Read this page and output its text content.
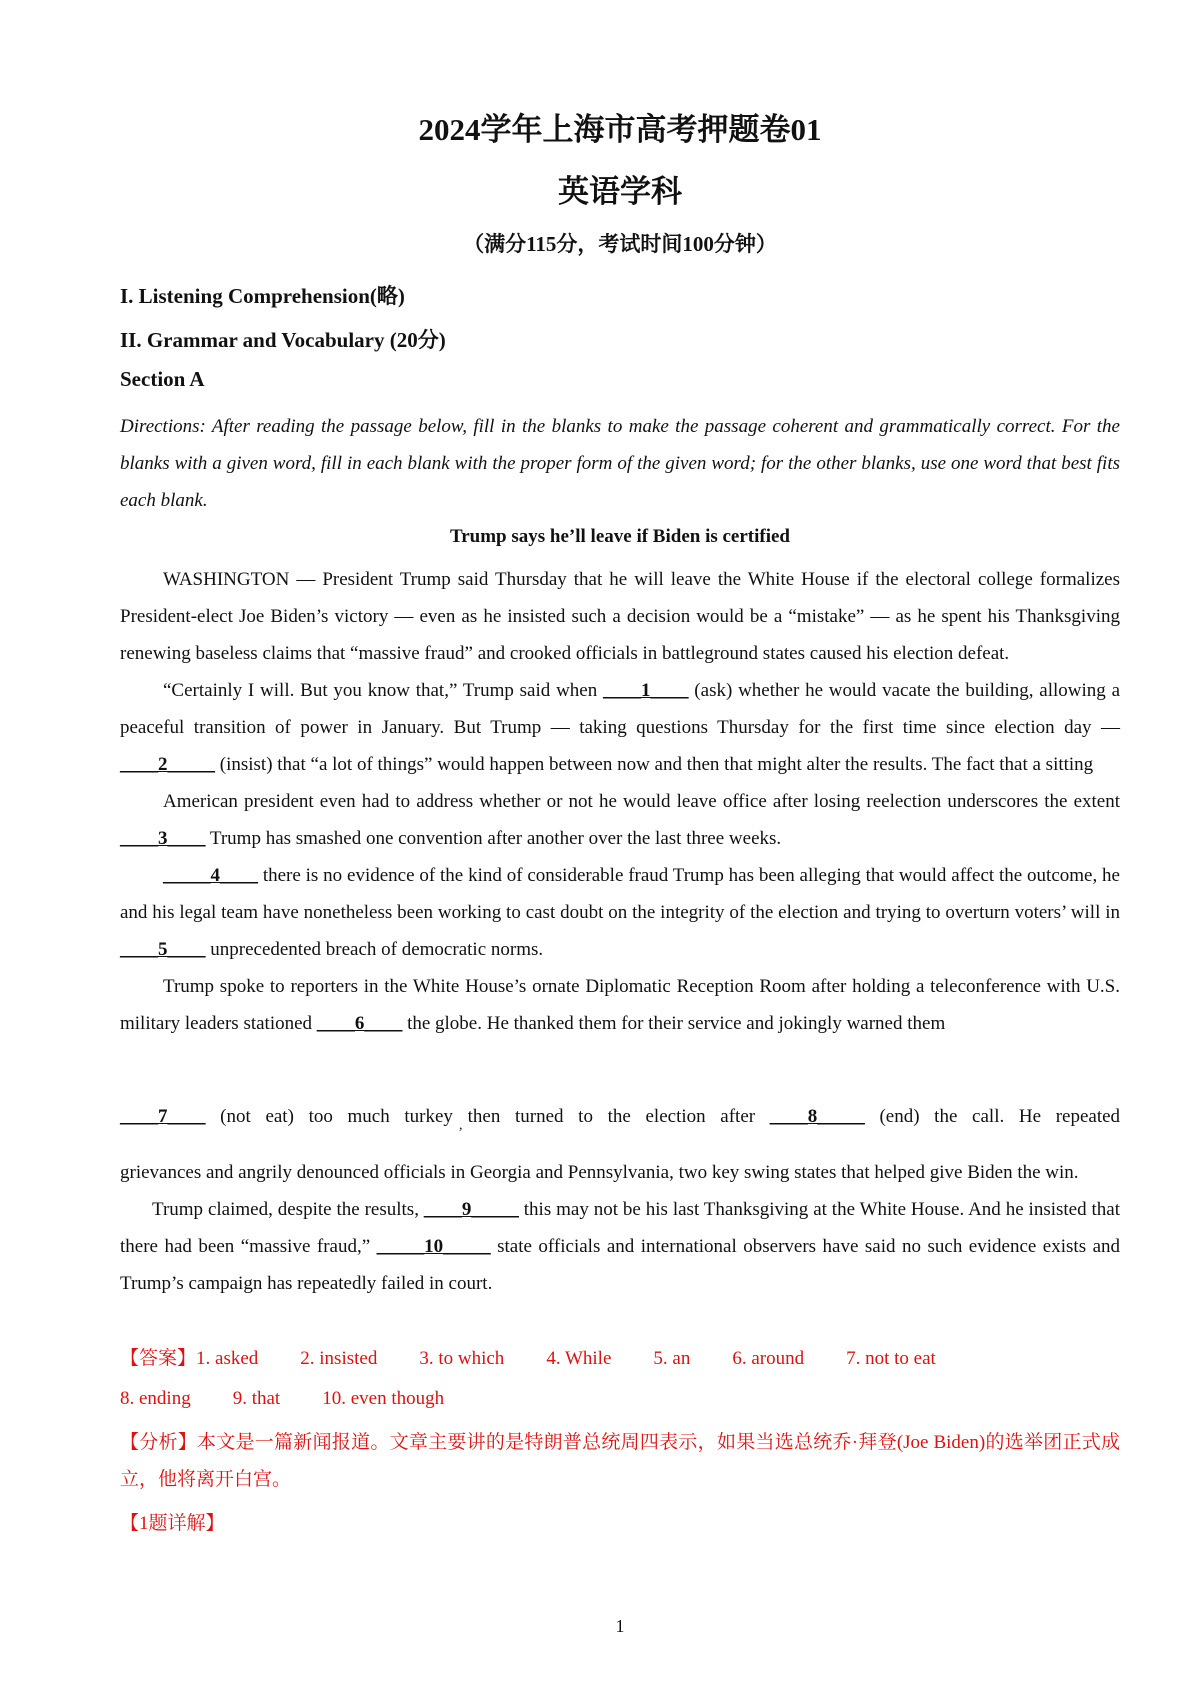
2024学年上海市高考押题卷01
英语学科
（满分115分，考试时间100分钟）
I. Listening Comprehension(略)
II. Grammar and Vocabulary (20分)
Section A
Directions: After reading the passage below, fill in the blanks to make the passage coherent and grammatically correct. For the blanks with a given word, fill in each blank with the proper form of the given word; for the other blanks, use one word that best fits each blank.
Trump says he’ll leave if Biden is certified

WASHINGTON — President Trump said Thursday that he will leave the White House if the electoral college formalizes President-elect Joe Biden’s victory — even as he insisted such a decision would be a “mistake” — as he spent his Thanksgiving renewing baseless claims that “massive fraud” and crooked officials in battleground states caused his election defeat.

“Certainly I will. But you know that,” Trump said when ____1____ (ask) whether he would vacate the building, allowing a peaceful transition of power in January. But Trump — taking questions Thursday for the first time since election day —____2_____ (insist) that “a lot of things” would happen between now and then that might alter the results. The fact that a sitting

American president even had to address whether or not he would leave office after losing reelection underscores the extent ____3____ Trump has smashed one convention after another over the last three weeks.

_____4____ there is no evidence of the kind of considerable fraud Trump has been alleging that would affect the outcome, he and his legal team have nonetheless been working to cast doubt on the integrity of the election and trying to overturn voters’ will in ____5____ unprecedented breach of democratic norms.

Trump spoke to reporters in the White House’s ornate Diplomatic Reception Room after holding a teleconference with U.S. military leaders stationed ____6____ the globe. He thanked them for their service and jokingly warned them

____7____ (not eat) too much turkey then turned to the election after ____8_____ (end) the call. He repeated
,

grievances and angrily denounced officials in Georgia and Pennsylvania, two key swing states that helped give Biden the win.

Trump claimed, despite the results, ____9_____ this may not be his last Thanksgiving at the White House. And he insisted that there had been “massive fraud,” _____10_____ state officials and international observers have said no such evidence exists and Trump’s campaign has repeatedly failed in court.

【答案】1. asked 2. insisted 3. to which 4. While 5. an 6. around 7. not to eat
8. ending 9. that 10. even though
【分析】本文是一篇新闻报道。文章主要讲的是特朗普总统周四表示，如果当选总统乔·拜登(Joe Biden)的选举团正式成立，他将离开白宫。
【1题详解】
1
